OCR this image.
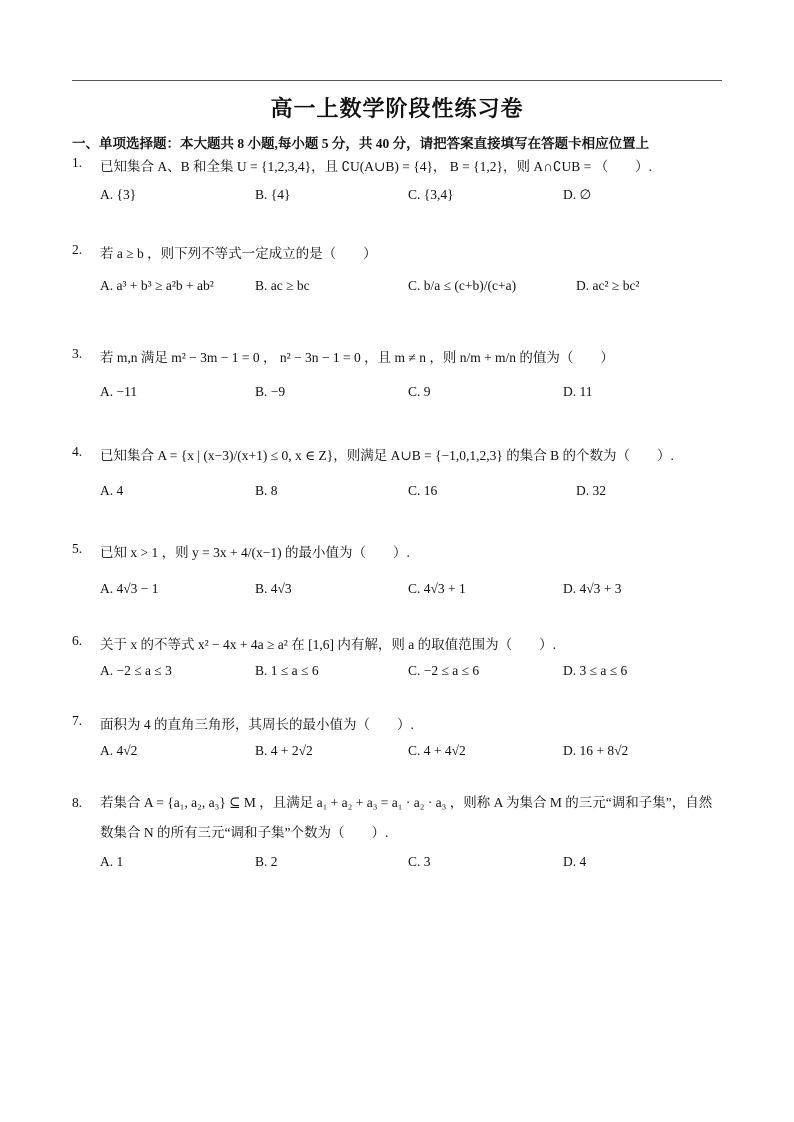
高一上数学阶段性练习卷
一、单项选择题：本大题共 8 小题,每小题 5 分，共 40 分，请把答案直接填写在答题卡相应位置上
1.	已知集合 A、B 和全集 U = {1,2,3,4}，且 ∁U(A∪B) = {4}， B = {1,2}，则 A∩∁UB = （　　）.
A. {3}	B. {4}	C. {3,4}	D. ∅
2.	若 a ≥ b ，则下列不等式一定成立的是（　　）
A. a³ + b³ ≥ a²b + ab²	B. ac ≥ bc	C. b/a ≤ (c+b)/(c+a)	D. ac² ≥ bc²
3.	若 m,n 满足 m² − 3m − 1 = 0 ， n² − 3n − 1 = 0 ，且 m ≠ n ，则 n/m + m/n 的值为（　　）
A. −11	B. −9	C. 9	D. 11
4.	已知集合 A = {x | (x−3)/(x+1) ≤ 0, x ∈ Z}，则满足 A∪B = {−1,0,1,2,3} 的集合 B 的个数为（　　）.
A. 4	B. 8	C. 16	D. 32
5.	已知 x > 1 ，则 y = 3x + 4/(x−1) 的最小值为（　　）.
A. 4√3 − 1	B. 4√3	C. 4√3 + 1	D. 4√3 + 3
6.	关于 x 的不等式 x² − 4x + 4a ≥ a² 在 [1,6] 内有解，则 a 的取值范围为（　　）.
A. −2 ≤ a ≤ 3	B. 1 ≤ a ≤ 6	C. −2 ≤ a ≤ 6	D. 3 ≤ a ≤ 6
7.	面积为 4 的直角三角形，其周长的最小值为（　　）.
A. 4√2	B. 4 + 2√2	C. 4 + 4√2	D. 16 + 8√2
8.	若集合 A = {a₁, a₂, a₃} ⊆ M ，且满足 a₁ + a₂ + a₃ = a₁ · a₂ · a₃ ，则称 A 为集合 M 的三元“调和子集”，自然数集合 N 的所有三元“调和子集”个数为（　　）.
A. 1	B. 2	C. 3	D. 4
